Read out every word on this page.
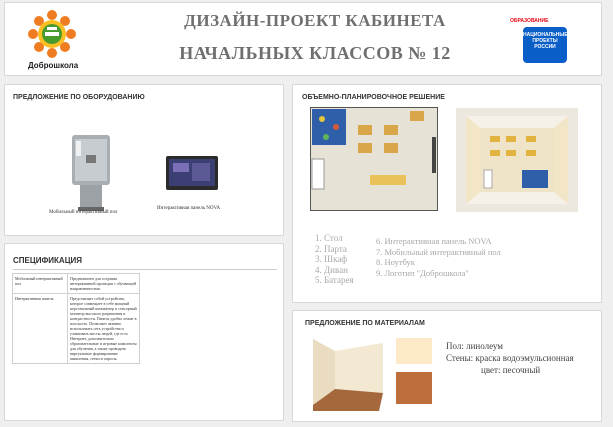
Доброшкола
ДИЗАЙН-ПРОЕКТ КАБИНЕТА
НАЧАЛЬНЫХ КЛАССОВ № 12
ОБРАЗОВАНИЕ
НАЦИОНАЛЬНЫЕ
ПРОЕКТЫ
РОССИИ
ПРЕДЛОЖЕНИЕ ПО ОБОРУДОВАНИЮ
Мобильный интерактивный пол
Интерактивная панель NOVA
СПЕЦИФИКАЦИЯ
Мобильный интерактивный пол	Предназначен для создания интерактивной проекции с обучающей направленностью.
Интерактивная панель	Представляет собой устройство, которое совмещает в себе мощный персональный компьютер и сенсорный монитор высокого разрешения и контрастности. Панель удобно лежит в плоскость. Позволяет активно использовать сеть устройства и улавливать жесты людей, где есть Интернет, дополнительно образовательные и игровые комплекты для обучения, а также проводить виртуальные формирование мышления, сетки и опросы.
ОБЪЕМНО-ПЛАНИРОВОЧНОЕ РЕШЕНИЕ
1. Стол
2. Парта
3. Шкаф
4. Диван
5. Батарея
6. Интерактивная панель NOVA
7. Мобильный интерактивный пол
8. Ноутбук
9. Логотип "Доброшкола"
ПРЕДЛОЖЕНИЕ ПО МАТЕРИАЛАМ
Пол: линолеум
Стены: краска водоэмульсионная
цвет: песочный
